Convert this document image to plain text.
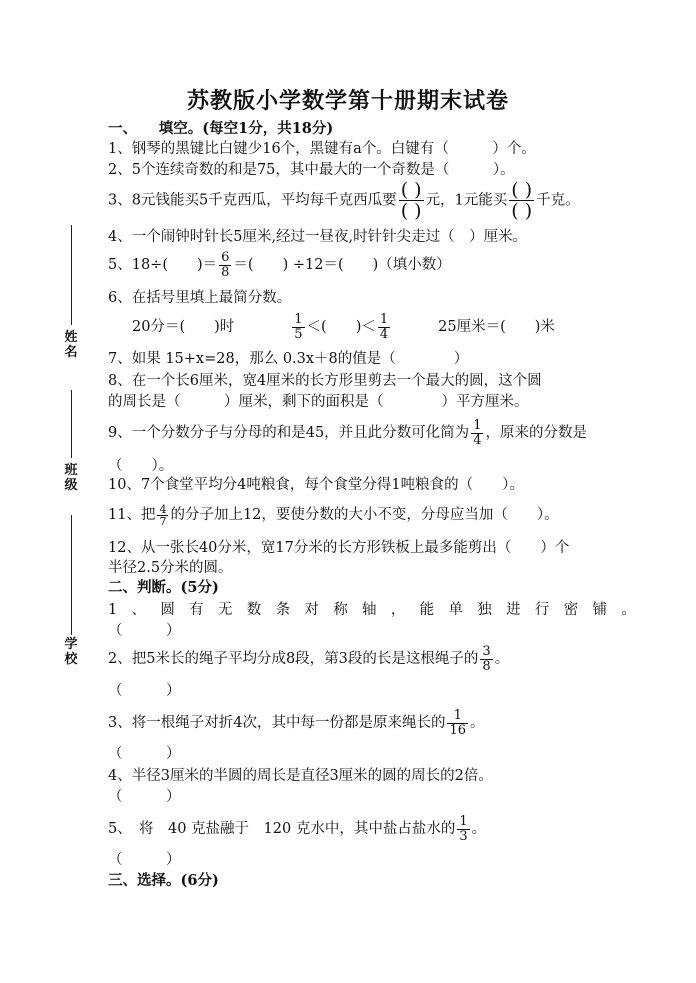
苏教版小学数学第十册期末试卷
姓名
班级
学校
一、　　填空。(每空1分，共18分)
1、钢琴的黑键比白键少16个，黑键有a个。白键有（　　　）个。
2、5个连续奇数的和是75，其中最大的一个奇数是（　　　）。
3、8元钱能买5千克西瓜，平均每千克西瓜要 $\frac{( )}{( )}$ 元，1元能买 $\frac{( )}{( )}$ 千克。
4、一个闹钟时针长5厘米,经过一昼夜,时针针尖走过（　）厘米。
5、18÷(　　)＝ $\frac{6}{8}$ ＝(　　) ÷12＝(　　)（填小数）
6、在括号里填上最简分数。
20分＝(　　)时	$\frac{1}{5}$ ＜(　　)＜ $\frac{1}{4}$	25厘米＝(　　)米
7、如果 15+x=28，那么 0.3x＋8的值是（　　　　）
8、在一个长6厘米，宽4厘米的长方形里剪去一个最大的圆，这个圆
的周长是（　　　）厘米，剩下的面积是（　　　　）平方厘米。
9、一个分数分子与分母的和是45，并且此分数可化简为 $\frac{1}{4}$ ，原来的分数是
（　　）。
10、7个食堂平均分4吨粮食，每个食堂分得1吨粮食的（　　）。
11、把 $\frac{4}{7}$ 的分子加上12，要使分数的大小不变，分母应当加（　　）。
12、从一张长40分米，宽17分米的长方形铁板上最多能剪出（　　）个
半径2.5分米的圆。
二、判断。(5分)
1 、 圆 有 无 数 条 对 称 轴 ， 能 单 独 进 行 密 铺 。
（　　　）
2、把5米长的绳子平均分成8段，第3段的长是这根绳子的 $\frac{3}{8}$ 。
（　　　）
3、将一根绳子对折4次，其中每一份都是原来绳长的 $\frac{1}{16}$ 。
（　　　）
4、半径3厘米的半圆的周长是直径3厘米的圆的周长的2倍。
（　　　）
5、　将　40 克盐融于　120 克水中，其中盐占盐水的 $\frac{1}{3}$ 。
（　　　）
三、选择。(6分)
